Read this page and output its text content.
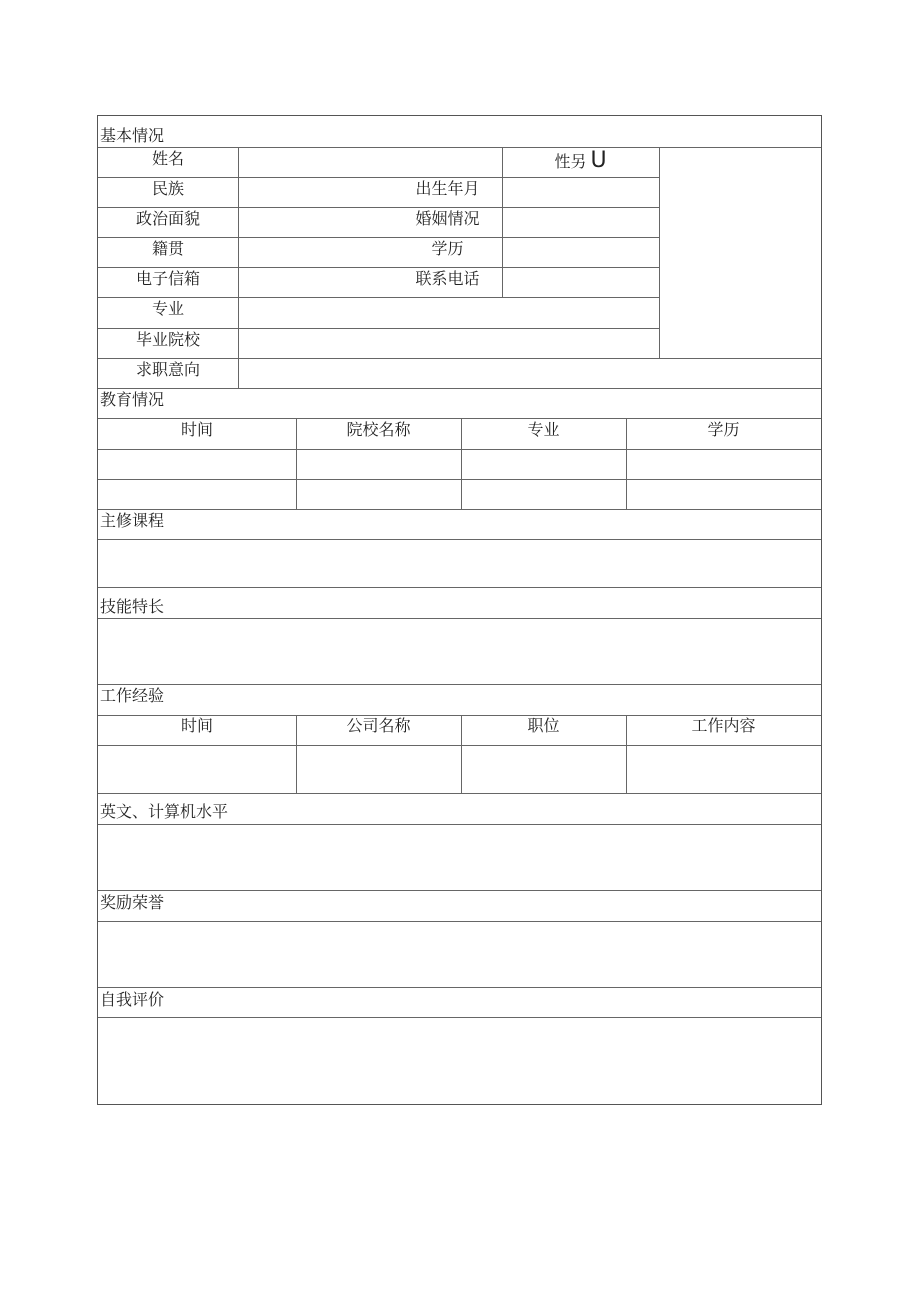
基本情况
姓名	性另 U
民族	出生年月
政治面貌	婚姻情况
籍贯	学历
电子信箱	联系电话
专业
毕业院校
求职意向
教育情况
时间	院校名称	专业	学历
主修课程
技能特长
工作经验
时间	公司名称	职位	工作内容
英文、计算机水平
奖励荣誉
自我评价
